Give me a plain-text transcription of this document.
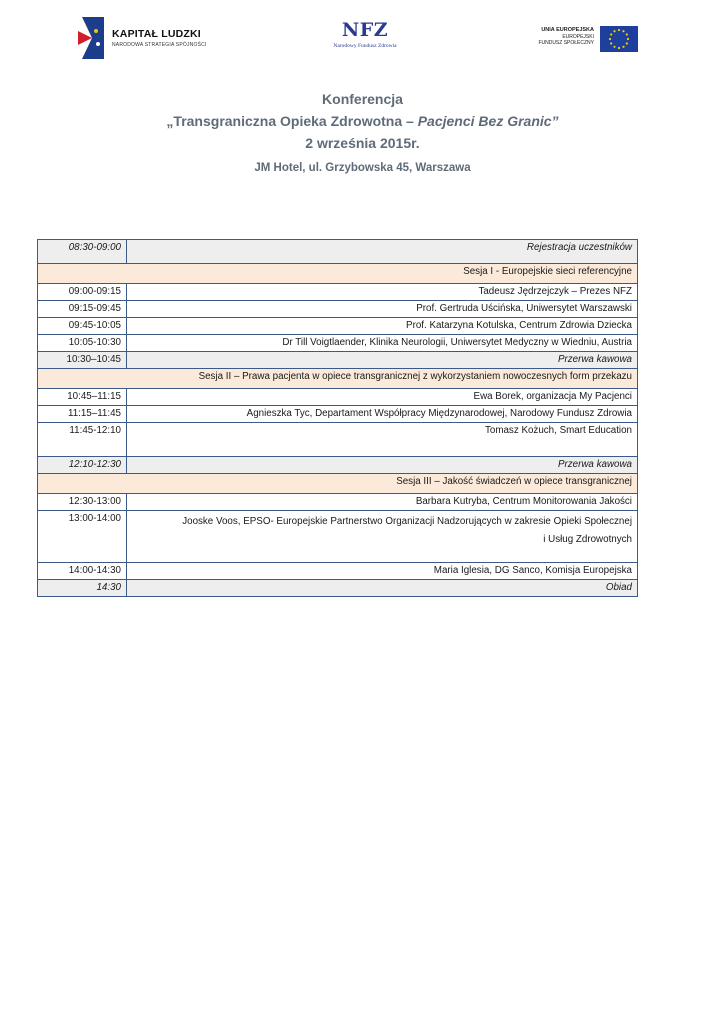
KAPITAŁ LUDZKI
NARODOWA STRATEGIA SPÓJNOŚCI
NFZ
Narodowy Fundusz Zdrowia
UNIA EUROPEJSKA
EUROPEJSKI
FUNDUSZ SPOŁECZNY
Konferencja
„Transgraniczna Opieka Zdrowotna – Pacjenci Bez Granic”
2 września 2015r.
JM Hotel, ul. Grzybowska 45, Warszawa
08:30-09:00	Rejestracja uczestników
Sesja I - Europejskie sieci referencyjne	
09:00-09:15	Tadeusz Jędrzejczyk – Prezes NFZ
09:15-09:45	Prof. Gertruda Uścińska, Uniwersytet Warszawski
09:45-10:05	Prof. Katarzyna Kotulska, Centrum Zdrowia Dziecka
10:05-10:30	Dr Till Voigtlaender, Klinika Neurologii, Uniwersytet Medyczny w Wiedniu, Austria
10:30–10:45	Przerwa kawowa
Sesja II – Prawa pacjenta w opiece transgranicznej z wykorzystaniem nowoczesnych form przekazu	
10:45–11:15	Ewa Borek, organizacja My Pacjenci
11:15–11:45	Agnieszka Tyc, Departament Współpracy Międzynarodowej, Narodowy Fundusz Zdrowia
11:45-12:10	Tomasz Kożuch, Smart Education
12:10-12:30	Przerwa kawowa
Sesja III – Jakość świadczeń w opiece transgranicznej	
12:30-13:00	Barbara Kutryba, Centrum Monitorowania Jakości
13:00-14:00	Jooske Voos, EPSO- Europejskie Partnerstwo Organizacji Nadzorujących w zakresie Opieki Społecznej
i Usług Zdrowotnych

14:00-14:30	Maria Iglesia, DG Sanco, Komisja Europejska
14:30	Obiad
